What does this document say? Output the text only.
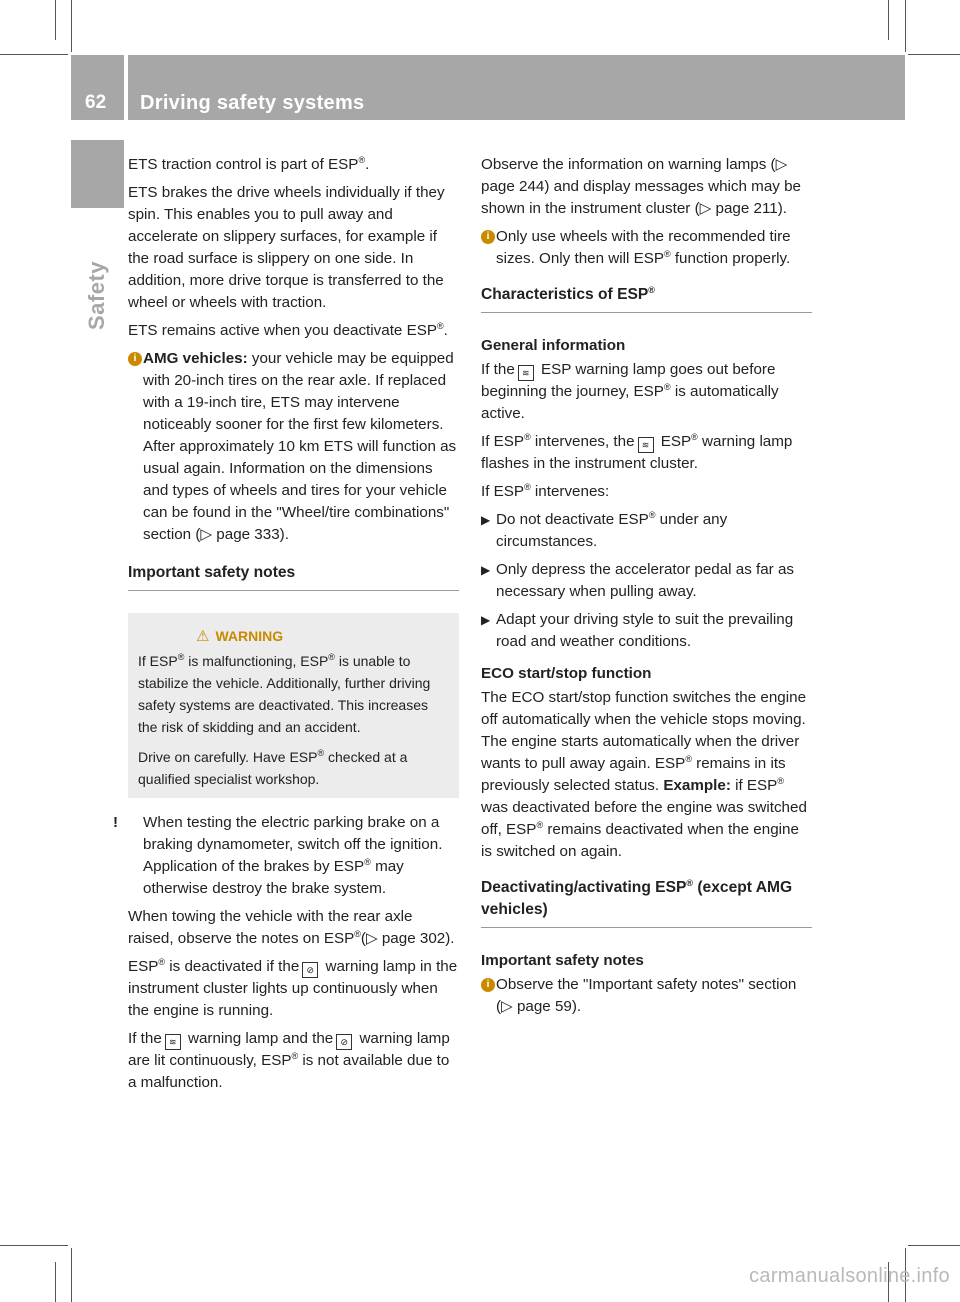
62 Driving safety systems
Safety

ETS traction control is part of ESP®.

ETS brakes the drive wheels individually if they spin. This enables you to pull away and accelerate on slippery surfaces, for example if the road surface is slippery on one side. In addition, more drive torque is transferred to the wheel or wheels with traction.

ETS remains active when you deactivate ESP®.

i AMG vehicles: your vehicle may be equipped with 20-inch tires on the rear axle. If replaced with a 19-inch tire, ETS may intervene noticeably sooner for the first few kilometers. After approximately 10 km ETS will function as usual again. Information on the dimensions and types of wheels and tires for your vehicle can be found in the "Wheel/tire combinations" section (▷ page 333).
Important safety notes
⚠ WARNING

If ESP® is malfunctioning, ESP® is unable to stabilize the vehicle. Additionally, further driving safety systems are deactivated. This increases the risk of skidding and an accident.

Drive on carefully. Have ESP® checked at a qualified specialist workshop.

! When testing the electric parking brake on a braking dynamometer, switch off the ignition. Application of the brakes by ESP® may otherwise destroy the brake system.

When towing the vehicle with the rear axle raised, observe the notes on ESP®(▷ page 302).

ESP® is deactivated if the ⊘ warning lamp in the instrument cluster lights up continuously when the engine is running.

If the ≋ warning lamp and the ⊘ warning lamp are lit continuously, ESP® is not available due to a malfunction.

Observe the information on warning lamps (▷ page 244) and display messages which may be shown in the instrument cluster (▷ page 211).

i Only use wheels with the recommended tire sizes. Only then will ESP® function properly.
Characteristics of ESP®
General information

If the ≋ ESP warning lamp goes out before beginning the journey, ESP® is automatically active.

If ESP® intervenes, the ≋ ESP® warning lamp flashes in the instrument cluster.

If ESP® intervenes:

▶ Do not deactivate ESP® under any circumstances.
▶ Only depress the accelerator pedal as far as necessary when pulling away.
▶ Adapt your driving style to suit the prevailing road and weather conditions.
ECO start/stop function

The ECO start/stop function switches the engine off automatically when the vehicle stops moving. The engine starts automatically when the driver wants to pull away again. ESP® remains in its previously selected status. Example: if ESP® was deactivated before the engine was switched off, ESP® remains deactivated when the engine is switched on again.

Deactivating/activating ESP® (except AMG vehicles)
Important safety notes
i Observe the "Important safety notes" section (▷ page 59).
carmanualsonline.info
